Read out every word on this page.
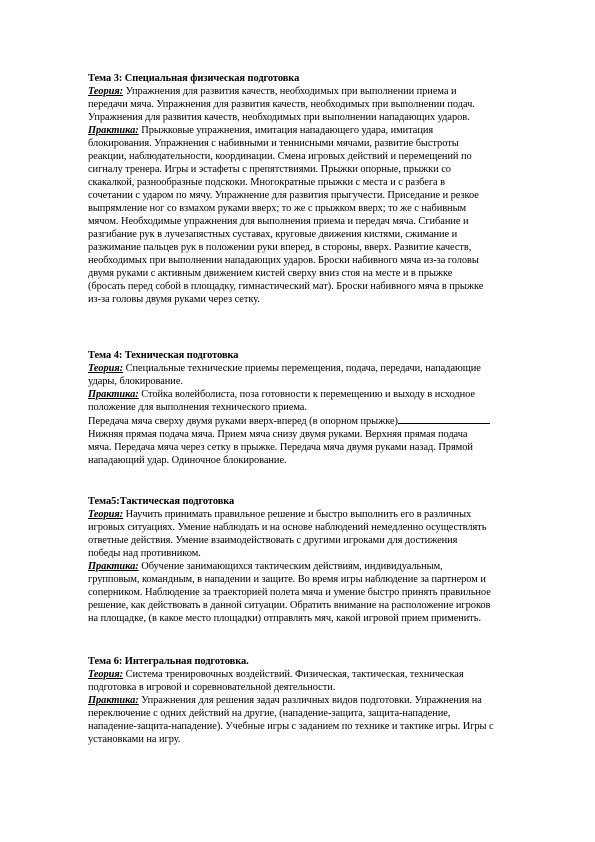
Тема 3: Специальная физическая подготовка
Теория: Упражнения для развития качеств, необходимых при выполнении приема и
передачи мяча. Упражнения для развития качеств, необходимых при выполнении подач.
Упражнения для развития качеств, необходимых при выполнении нападающих ударов.
Практика: Прыжковые упражнения, имитация нападающего удара, имитация
блокирования. Упражнения с набивными и теннисными мячами, развитие быстроты
реакции, наблюдательности, координации. Смена игровых действий и перемещений по
сигналу тренера. Игры и эстафеты с препятствиями. Прыжки опорные, прыжки со
скакалкой, разнообразные подскоки. Многократные прыжки с места и с разбега в
сочетании с ударом по мячу. Упражнение для развития прыгучести. Приседание и резкое
выпрямление ног со взмахом руками вверх; то же с прыжком вверх; то же с набивным
мячом. Необходимые упражнения для выполнения приема и передач мяча. Сгибание и
разгибание рук в лучезапястных суставах, круговые движения кистями, сжимание и
разжимание пальцев рук в положении руки вперед, в стороны, вверх. Развитие качеств,
необходимых при выполнении нападающих ударов. Броски набивного мяча из-за головы
двумя руками с активным движением кистей сверху вниз стоя на месте и в прыжке
(бросать перед собой в площадку, гимнастический мат). Броски набивного мяча в прыжке
из-за головы двумя руками через сетку.
Тема 4: Техническая подготовка
Теория: Специальные технические приемы перемещения, подача, передачи, нападающие
удары, блокирование.
Практика: Стойка волейболиста, поза готовности к перемещению и выходу в исходное
положение для выполнения технического приема.
Передача мяча сверху двумя руками вверх-вперед (в опорном прыжке)
Нижняя прямая подача мяча. Прием мяча снизу двумя руками. Верхняя прямая подача
мяча. Передача мяча через сетку в прыжке. Передача мяча двумя руками назад. Прямой
нападающий удар. Одиночное блокирование.
Тема5:Тактическая подготовка
Теория: Научить принимать правильное решение и быстро выполнить его в различных
игровых ситуациях. Умение наблюдать и на основе наблюдений немедленно осуществлять
ответные действия. Умение взаимодействовать с другими игроками для достижения
победы над противником.
Практика: Обучение занимающихся тактическим действиям, индивидуальным,
групповым, командным, в нападении и защите. Во время игры наблюдение за партнером и
соперником. Наблюдение за траекторией полета мяча и умение быстро принять правильное
решение, как действовать в данной ситуации. Обратить внимание на расположение игроков
на площадке, (в какое место площадки) отправлять мяч, какой игровой прием применить.
Тема 6: Интегральная подготовка.
Теория: Система тренировочных воздействий. Физическая, тактическая, техническая
подготовка в игровой и соревновательной деятельности.
Практика: Упражнения для решения задач различных видов подготовки. Упражнения на
переключение с одних действий на другие, (нападение-защита, защита-нападение,
нападение-защита-нападение). Учебные игры с заданием по технике и тактике игры. Игры с
установками на игру.
